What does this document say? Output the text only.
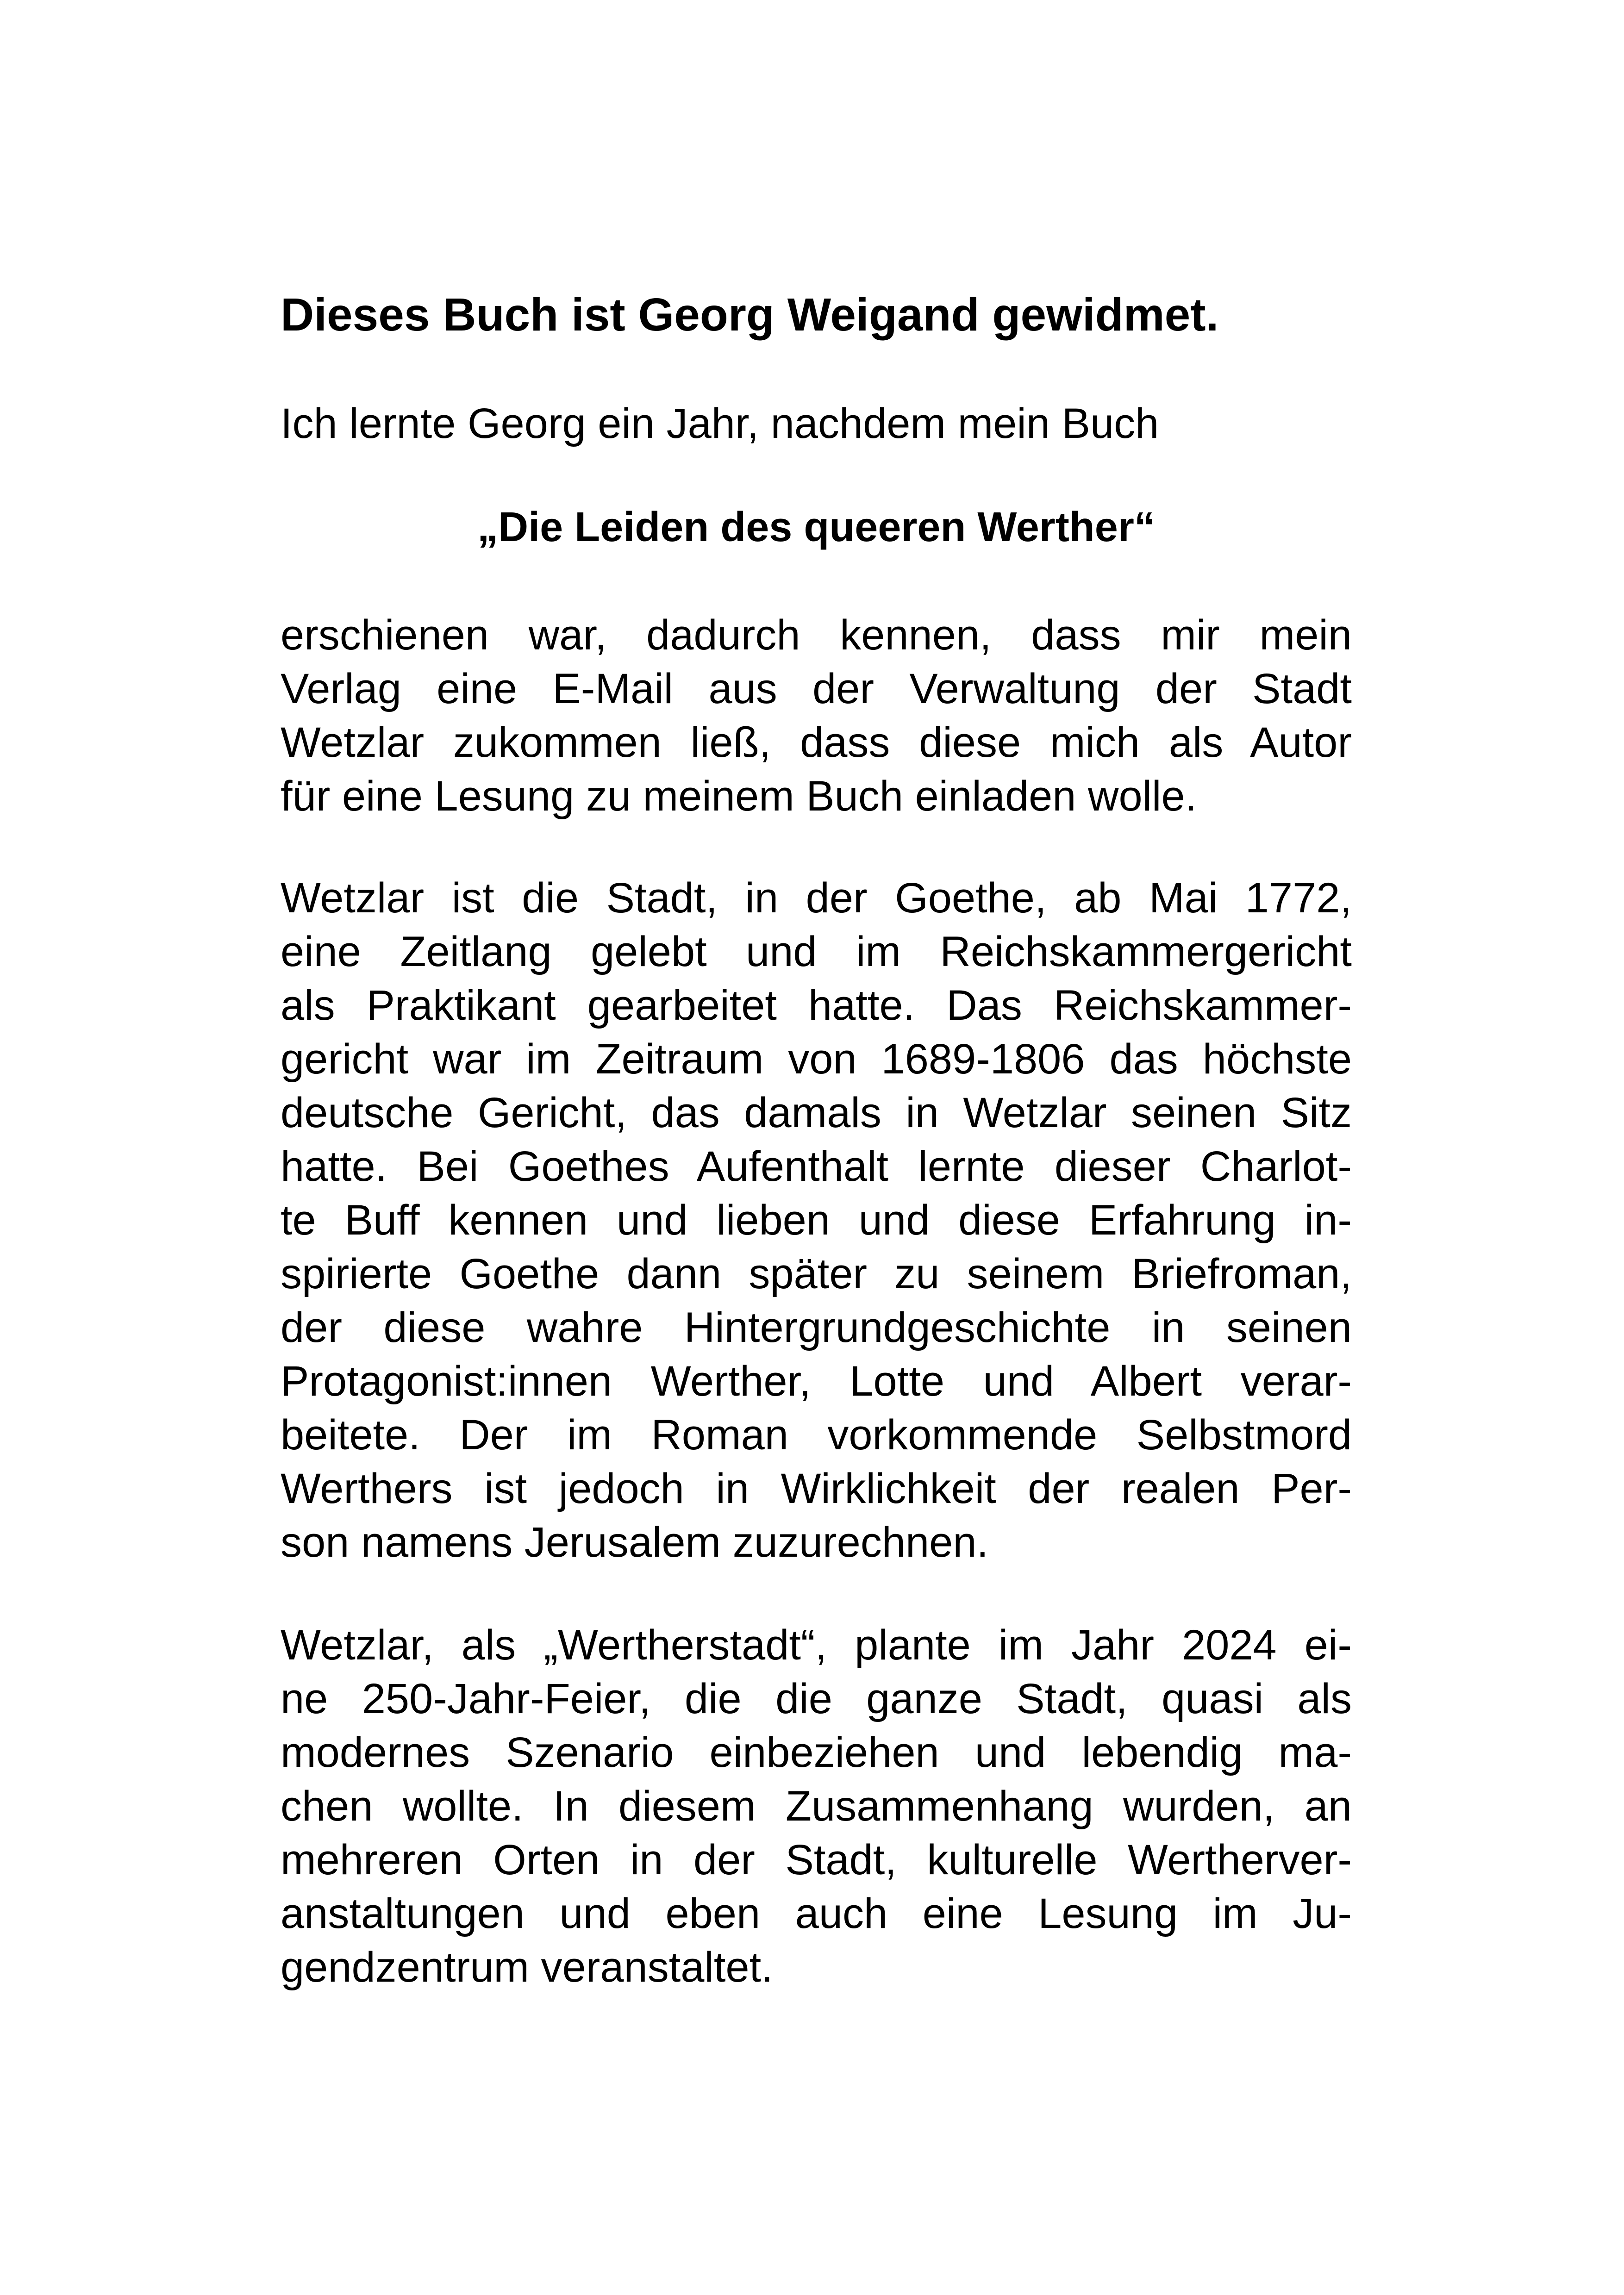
Dieses Buch ist Georg Weigand gewidmet.
Ich lernte Georg ein Jahr, nachdem mein Buch
„Die Leiden des queeren Werther“
erschienen war, dadurch kennen, dass mir mein
Verlag eine E-Mail aus der Verwaltung der Stadt
Wetzlar zukommen ließ, dass diese mich als Autor
für eine Lesung zu meinem Buch einladen wolle.
Wetzlar ist die Stadt, in der Goethe, ab Mai 1772,
eine Zeitlang gelebt und im Reichskammergericht
als Praktikant gearbeitet hatte. Das Reichskammer-
gericht war im Zeitraum von 1689-1806 das höchste
deutsche Gericht, das damals in Wetzlar seinen Sitz
hatte. Bei Goethes Aufenthalt lernte dieser Charlot-
te Buff kennen und lieben und diese Erfahrung in-
spirierte Goethe dann später zu seinem Briefroman,
der diese wahre Hintergrundgeschichte in seinen
Protagonist:innen Werther, Lotte und Albert verar-
beitete. Der im Roman vorkommende Selbstmord
Werthers ist jedoch in Wirklichkeit der realen Per-
son namens Jerusalem zuzurechnen.
Wetzlar, als „Wertherstadt“, plante im Jahr 2024 ei-
ne 250-Jahr-Feier, die die ganze Stadt, quasi als
modernes Szenario einbeziehen und lebendig ma-
chen wollte. In diesem Zusammenhang wurden, an
mehreren Orten in der Stadt, kulturelle Wertherver-
anstaltungen und eben auch eine Lesung im Ju-
gendzentrum veranstaltet.
